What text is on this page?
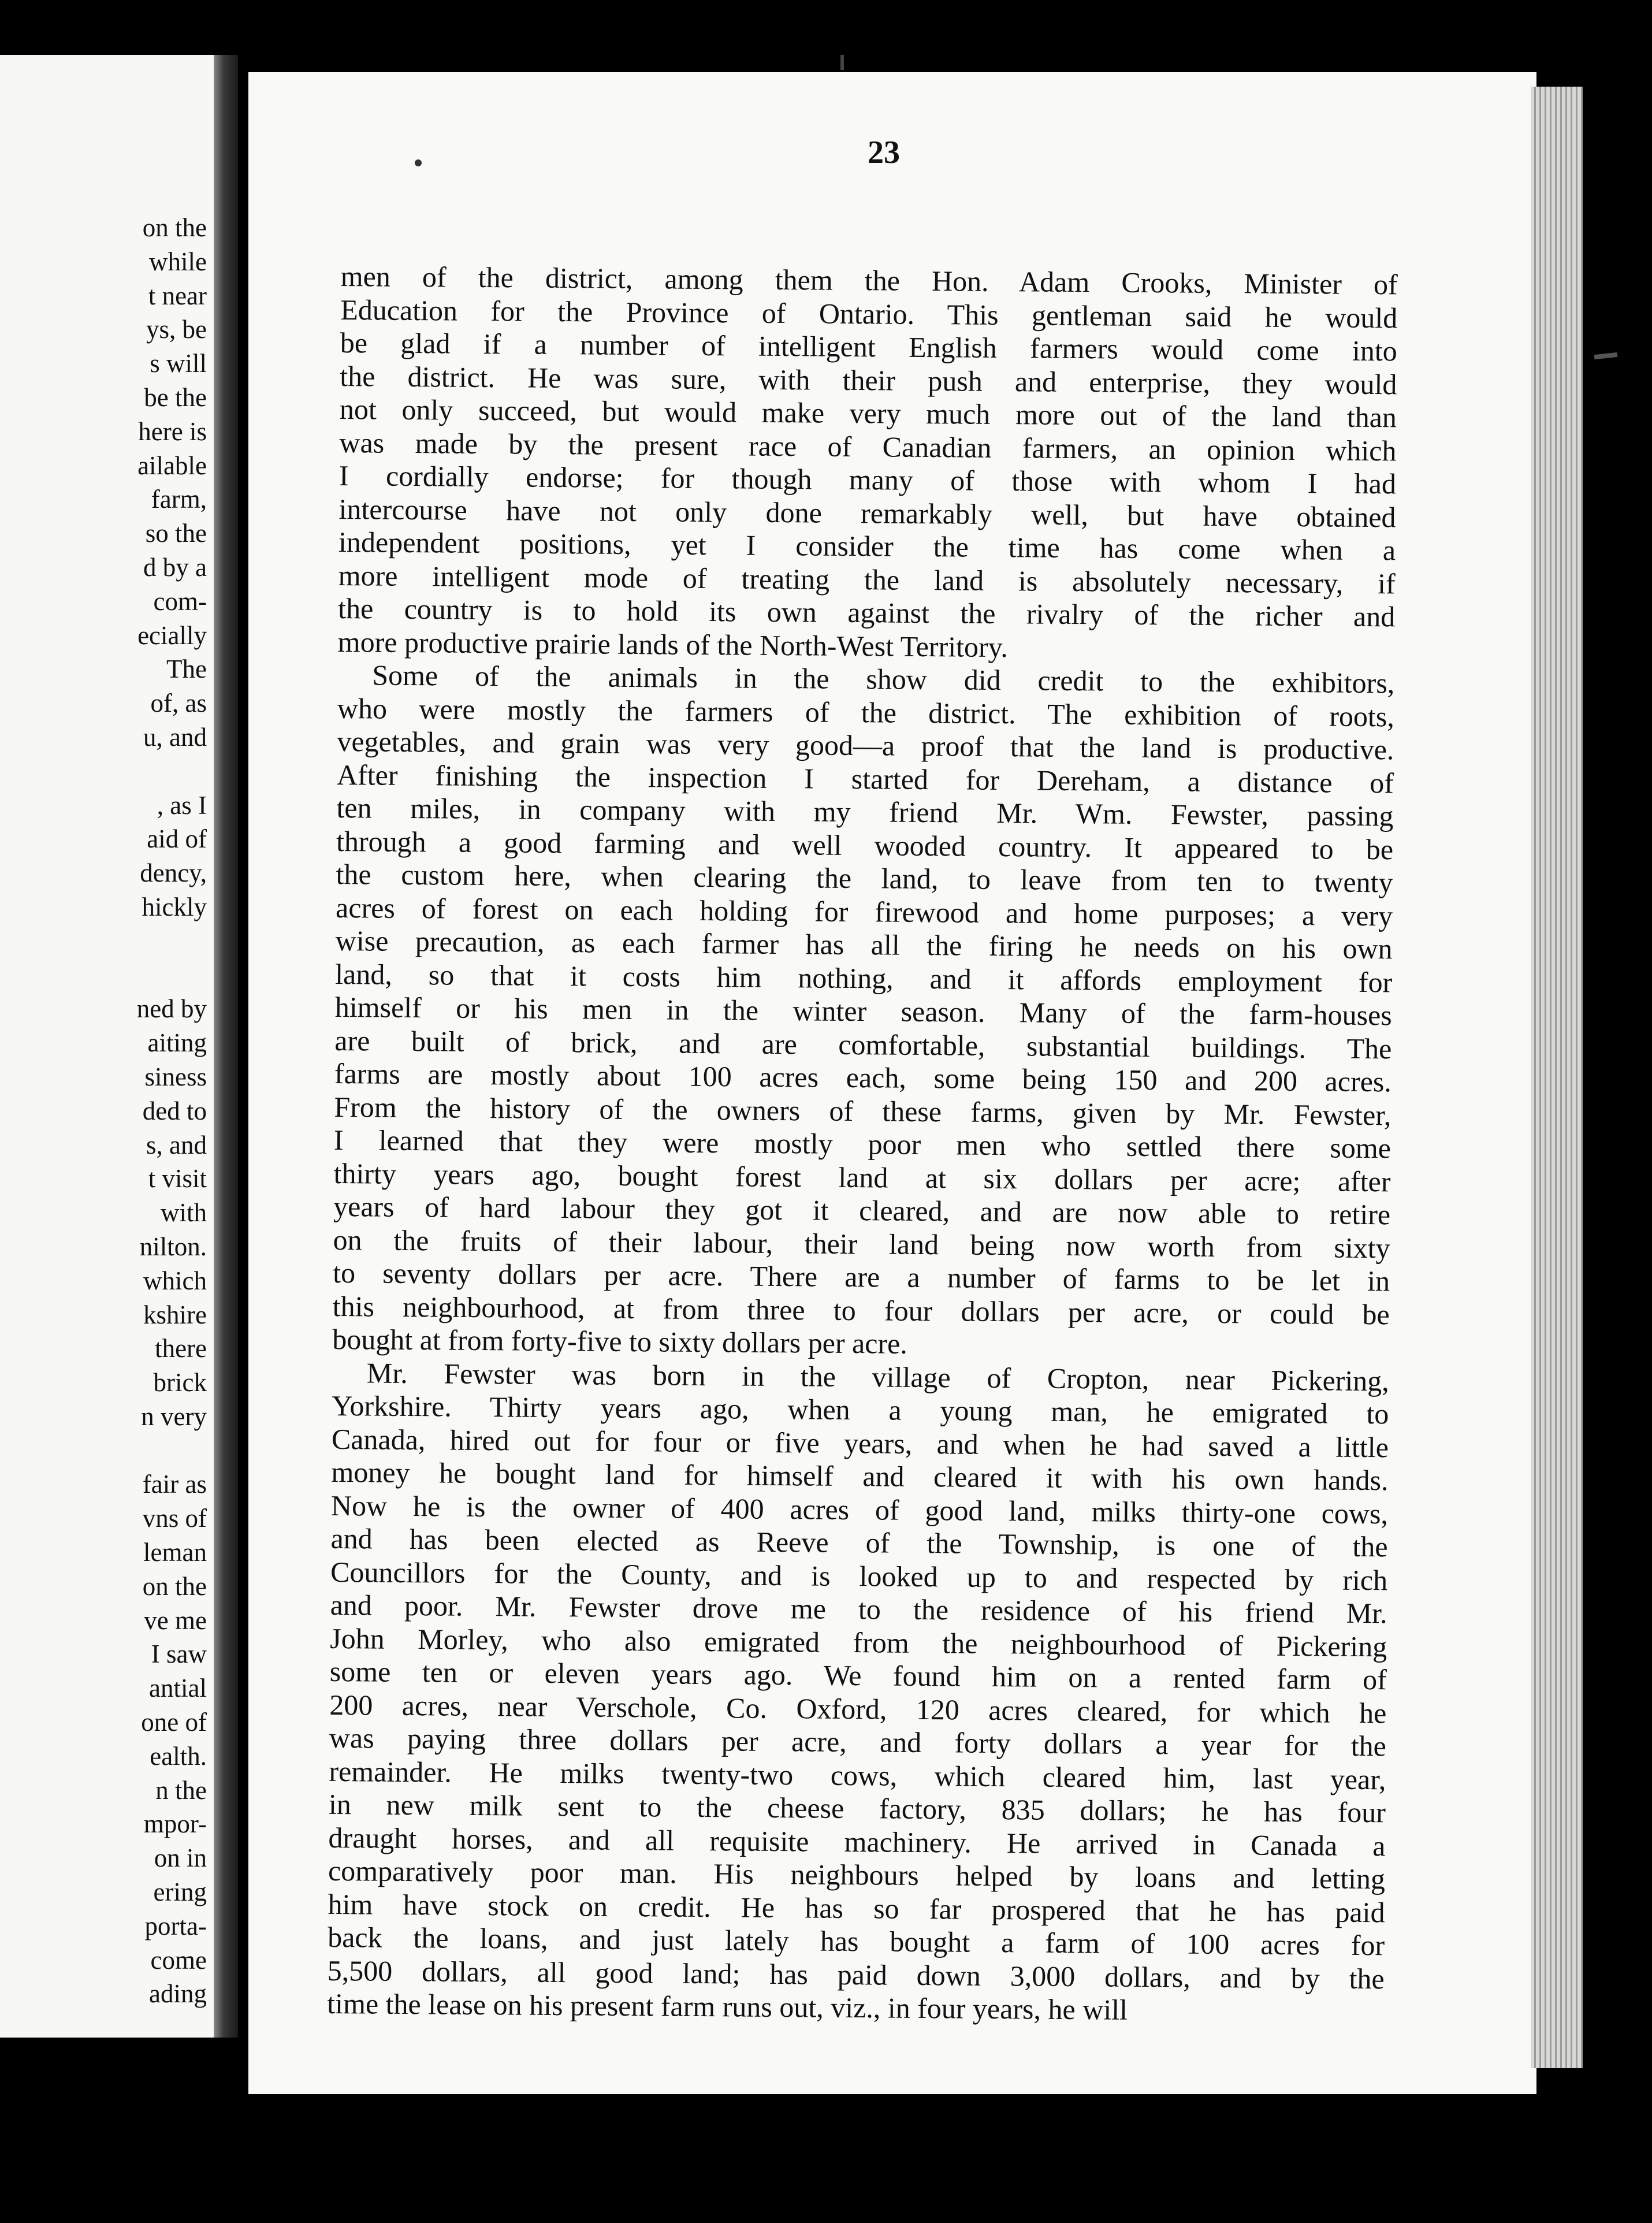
on the
while
t near
ys, be
s will
be the
here is
ailable
farm,
so the
d by a
com-
ecially
The
of, as
u, and

, as I
aid of
dency,
hickly

ned by
aiting
siness
ded to
s, and
t visit
with
nilton.
which
kshire
there
brick
n very

fair as
vns of
leman
on the
ve me
I saw
antial
one of
ealth.
n the
mpor-
on in
ering
porta-
come
ading
23
men of the district, among them the Hon. Adam Crooks, Minister of
Education for the Province of Ontario. This gentleman said he would
be glad if a number of intelligent English farmers would come into
the district. He was sure, with their push and enterprise, they would
not only succeed, but would make very much more out of the land than
was made by the present race of Canadian farmers, an opinion which
I cordially endorse; for though many of those with whom I had
intercourse have not only done remarkably well, but have obtained
independent positions, yet I consider the time has come when a
more intelligent mode of treating the land is absolutely necessary, if
the country is to hold its own against the rivalry of the richer and
more productive prairie lands of the North-West Territory.
Some of the animals in the show did credit to the exhibitors,
who were mostly the farmers of the district. The exhibition of roots,
vegetables, and grain was very good—a proof that the land is productive.
After finishing the inspection I started for Dereham, a distance of
ten miles, in company with my friend Mr. Wm. Fewster, passing
through a good farming and well wooded country. It appeared to be
the custom here, when clearing the land, to leave from ten to twenty
acres of forest on each holding for firewood and home purposes; a very
wise precaution, as each farmer has all the firing he needs on his own
land, so that it costs him nothing, and it affords employment for
himself or his men in the winter season. Many of the farm-houses
are built of brick, and are comfortable, substantial buildings. The
farms are mostly about 100 acres each, some being 150 and 200 acres.
From the history of the owners of these farms, given by Mr. Fewster,
I learned that they were mostly poor men who settled there some
thirty years ago, bought forest land at six dollars per acre; after
years of hard labour they got it cleared, and are now able to retire
on the fruits of their labour, their land being now worth from sixty
to seventy dollars per acre. There are a number of farms to be let in
this neighbourhood, at from three to four dollars per acre, or could be
bought at from forty-five to sixty dollars per acre.
Mr. Fewster was born in the village of Cropton, near Pickering,
Yorkshire. Thirty years ago, when a young man, he emigrated to
Canada, hired out for four or five years, and when he had saved a little
money he bought land for himself and cleared it with his own hands.
Now he is the owner of 400 acres of good land, milks thirty-one cows,
and has been elected as Reeve of the Township, is one of the
Councillors for the County, and is looked up to and respected by rich
and poor. Mr. Fewster drove me to the residence of his friend Mr.
John Morley, who also emigrated from the neighbourhood of Pickering
some ten or eleven years ago. We found him on a rented farm of
200 acres, near Verschole, Co. Oxford, 120 acres cleared, for which he
was paying three dollars per acre, and forty dollars a year for the
remainder. He milks twenty-two cows, which cleared him, last year,
in new milk sent to the cheese factory, 835 dollars; he has four
draught horses, and all requisite machinery. He arrived in Canada a
comparatively poor man. His neighbours helped by loans and letting
him have stock on credit. He has so far prospered that he has paid
back the loans, and just lately has bought a farm of 100 acres for
5,500 dollars, all good land; has paid down 3,000 dollars, and by the
time the lease on his present farm runs out, viz., in four years, he will
